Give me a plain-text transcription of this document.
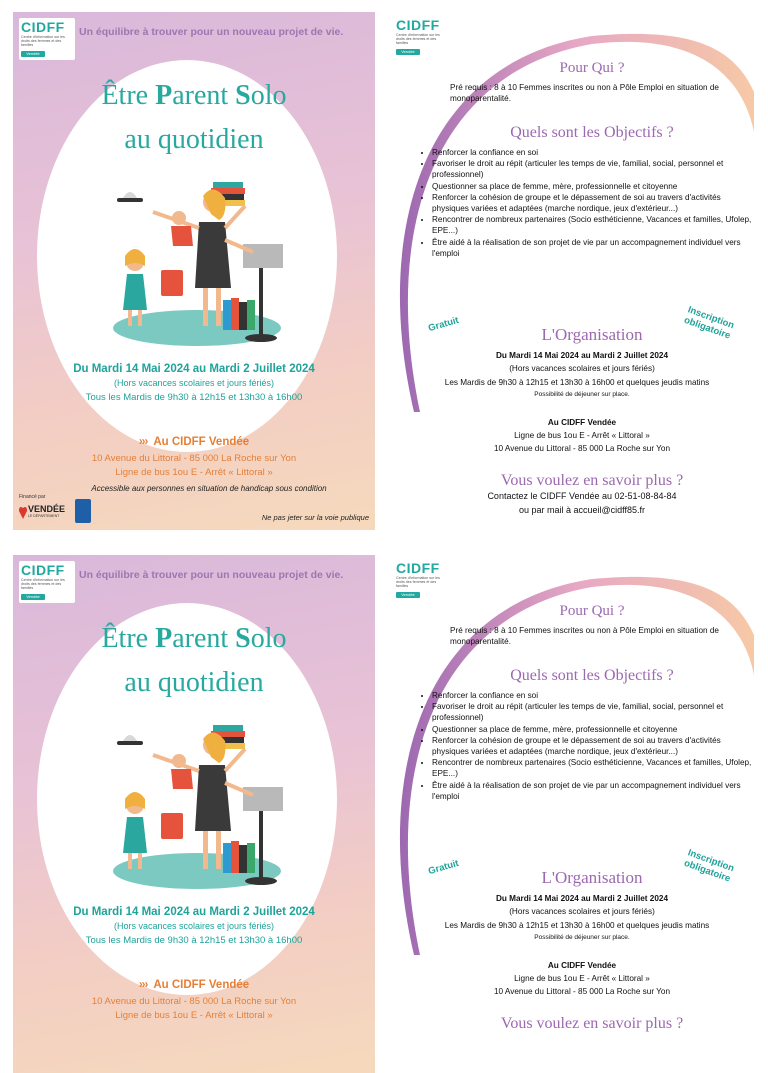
CIDFF
Centre d'information sur les droits des femmes et des familles
Vendée
Un équilibre à trouver pour un nouveau projet de vie.
Être Parent Solo
au quotidien
Du Mardi 14 Mai 2024 au Mardi 2 Juillet 2024
(Hors vacances scolaires et jours fériés)
Tous les Mardis de 9h30 à 12h15 et 13h30 à 16h00
››› Au CIDFF Vendée
10 Avenue du Littoral - 85 000 La Roche sur Yon
Ligne de bus 1ou E - Arrêt « Littoral »
Accessible aux personnes en situation de handicap sous condition
Financé par
VENDÉE
LE DÉPARTEMENT	Ne pas jeter sur la voie publique
CIDFF
Centre d'information sur les droits des femmes et des familles
Vendée
Pour Qui ?
Pré requis : 8 à 10 Femmes inscrites ou non à Pôle Emploi en situation de monoparentalité.
Quels sont les Objectifs ?
• Renforcer la confiance en soi
• Favoriser le droit au répit (articuler les temps de vie, familial, social, personnel et professionnel)
• Questionner sa place de femme, mère, professionnelle et citoyenne
• Renforcer la cohésion de groupe et le dépassement de soi au travers d'activités physiques variées et adaptées (marche nordique, jeux d'extérieur...)
• Rencontrer de nombreux partenaires (Socio esthéticienne, Vacances et familles, Ufolep, EPE...)
• Être aidé à la réalisation de son projet de vie par un accompagnement individuel vers l'emploi
Gratuit	Inscription obligatoire
L'Organisation
Du Mardi 14 Mai 2024 au Mardi 2 Juillet 2024
(Hors vacances scolaires et jours fériés)
Les Mardis de 9h30 à 12h15 et 13h30 à 16h00 et quelques jeudis matins
Possibilité de déjeuner sur place.
Au CIDFF Vendée
Ligne de bus 1ou E - Arrêt « Littoral »
10 Avenue du Littoral - 85 000 La Roche sur Yon
Vous voulez en savoir plus ?
Contactez le CIDFF Vendée au 02-51-08-84-84
ou par mail à accueil@cidff85.fr
CIDFF
Centre d'information sur les droits des femmes et des familles
Vendée
Un équilibre à trouver pour un nouveau projet de vie.
Être Parent Solo
au quotidien
Du Mardi 14 Mai 2024 au Mardi 2 Juillet 2024
(Hors vacances scolaires et jours fériés)
Tous les Mardis de 9h30 à 12h15 et 13h30 à 16h00
››› Au CIDFF Vendée
10 Avenue du Littoral - 85 000 La Roche sur Yon
Ligne de bus 1ou E - Arrêt « Littoral »
CIDFF
Centre d'information sur les droits des femmes et des familles
Vendée
Pour Qui ?
Pré requis : 8 à 10 Femmes inscrites ou non à Pôle Emploi en situation de monoparentalité.
Quels sont les Objectifs ?
• Renforcer la confiance en soi
• Favoriser le droit au répit (articuler les temps de vie, familial, social, personnel et professionnel)
• Questionner sa place de femme, mère, professionnelle et citoyenne
• Renforcer la cohésion de groupe et le dépassement de soi au travers d'activités physiques variées et adaptées (marche nordique, jeux d'extérieur...)
• Rencontrer de nombreux partenaires (Socio esthéticienne, Vacances et familles, Ufolep, EPE...)
• Être aidé à la réalisation de son projet de vie par un accompagnement individuel vers l'emploi
Gratuit	Inscription obligatoire
L'Organisation
Du Mardi 14 Mai 2024 au Mardi 2 Juillet 2024
(Hors vacances scolaires et jours fériés)
Les Mardis de 9h30 à 12h15 et 13h30 à 16h00 et quelques jeudis matins
Possibilité de déjeuner sur place.
Au CIDFF Vendée
Ligne de bus 1ou E - Arrêt « Littoral »
10 Avenue du Littoral - 85 000 La Roche sur Yon
Vous voulez en savoir plus ?
